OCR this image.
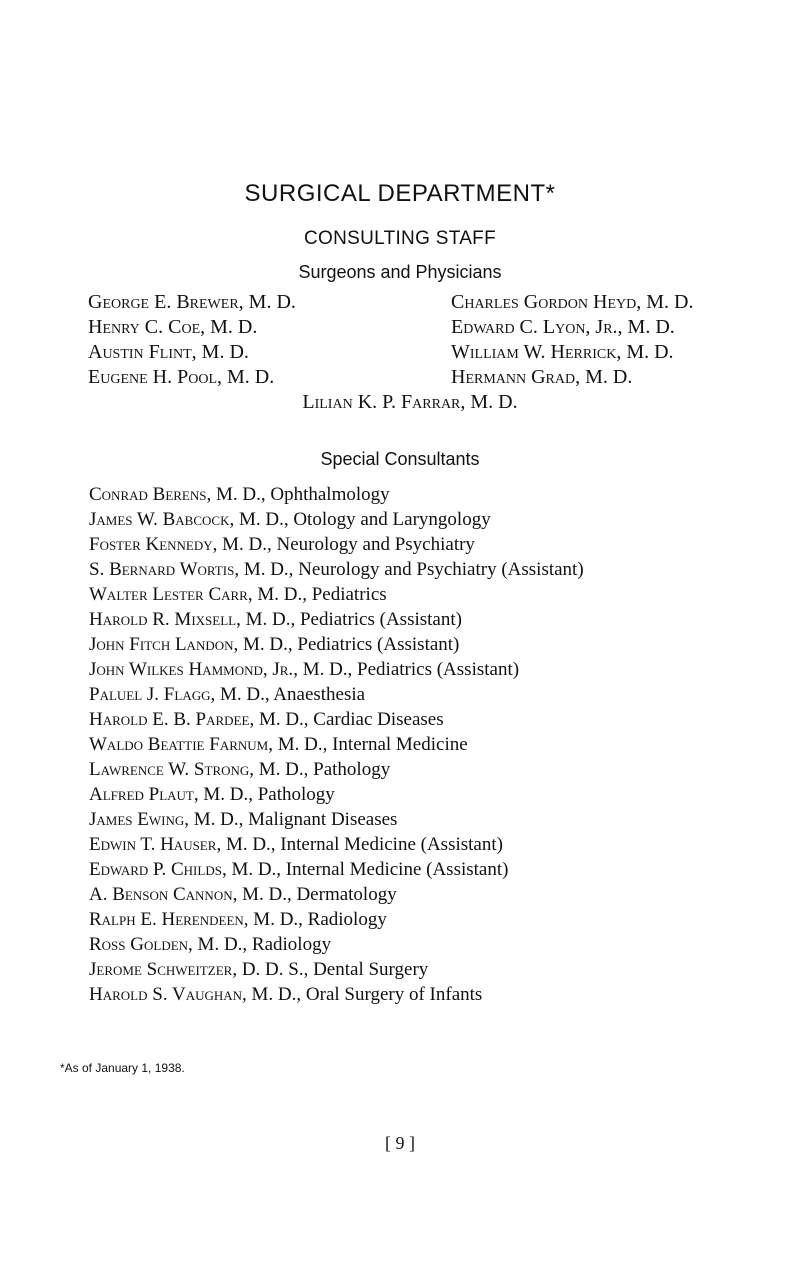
SURGICAL DEPARTMENT*
CONSULTING STAFF
Surgeons and Physicians
George E. Brewer, M. D.
Henry C. Coe, M. D.
Austin Flint, M. D.
Eugene H. Pool, M. D.
Charles Gordon Heyd, M. D.
Edward C. Lyon, Jr., M. D.
William W. Herrick, M. D.
Hermann Grad, M. D.
Lilian K. P. Farrar, M. D.
Special Consultants
Conrad Berens, M. D., Ophthalmology
James W. Babcock, M. D., Otology and Laryngology
Foster Kennedy, M. D., Neurology and Psychiatry
S. Bernard Wortis, M. D., Neurology and Psychiatry (Assistant)
Walter Lester Carr, M. D., Pediatrics
Harold R. Mixsell, M. D., Pediatrics (Assistant)
John Fitch Landon, M. D., Pediatrics (Assistant)
John Wilkes Hammond, Jr., M. D., Pediatrics (Assistant)
Paluel J. Flagg, M. D., Anaesthesia
Harold E. B. Pardee, M. D., Cardiac Diseases
Waldo Beattie Farnum, M. D., Internal Medicine
Lawrence W. Strong, M. D., Pathology
Alfred Plaut, M. D., Pathology
James Ewing, M. D., Malignant Diseases
Edwin T. Hauser, M. D., Internal Medicine (Assistant)
Edward P. Childs, M. D., Internal Medicine (Assistant)
A. Benson Cannon, M. D., Dermatology
Ralph E. Herendeen, M. D., Radiology
Ross Golden, M. D., Radiology
Jerome Schweitzer, D. D. S., Dental Surgery
Harold S. Vaughan, M. D., Oral Surgery of Infants
*As of January 1, 1938.
[ 9 ]
